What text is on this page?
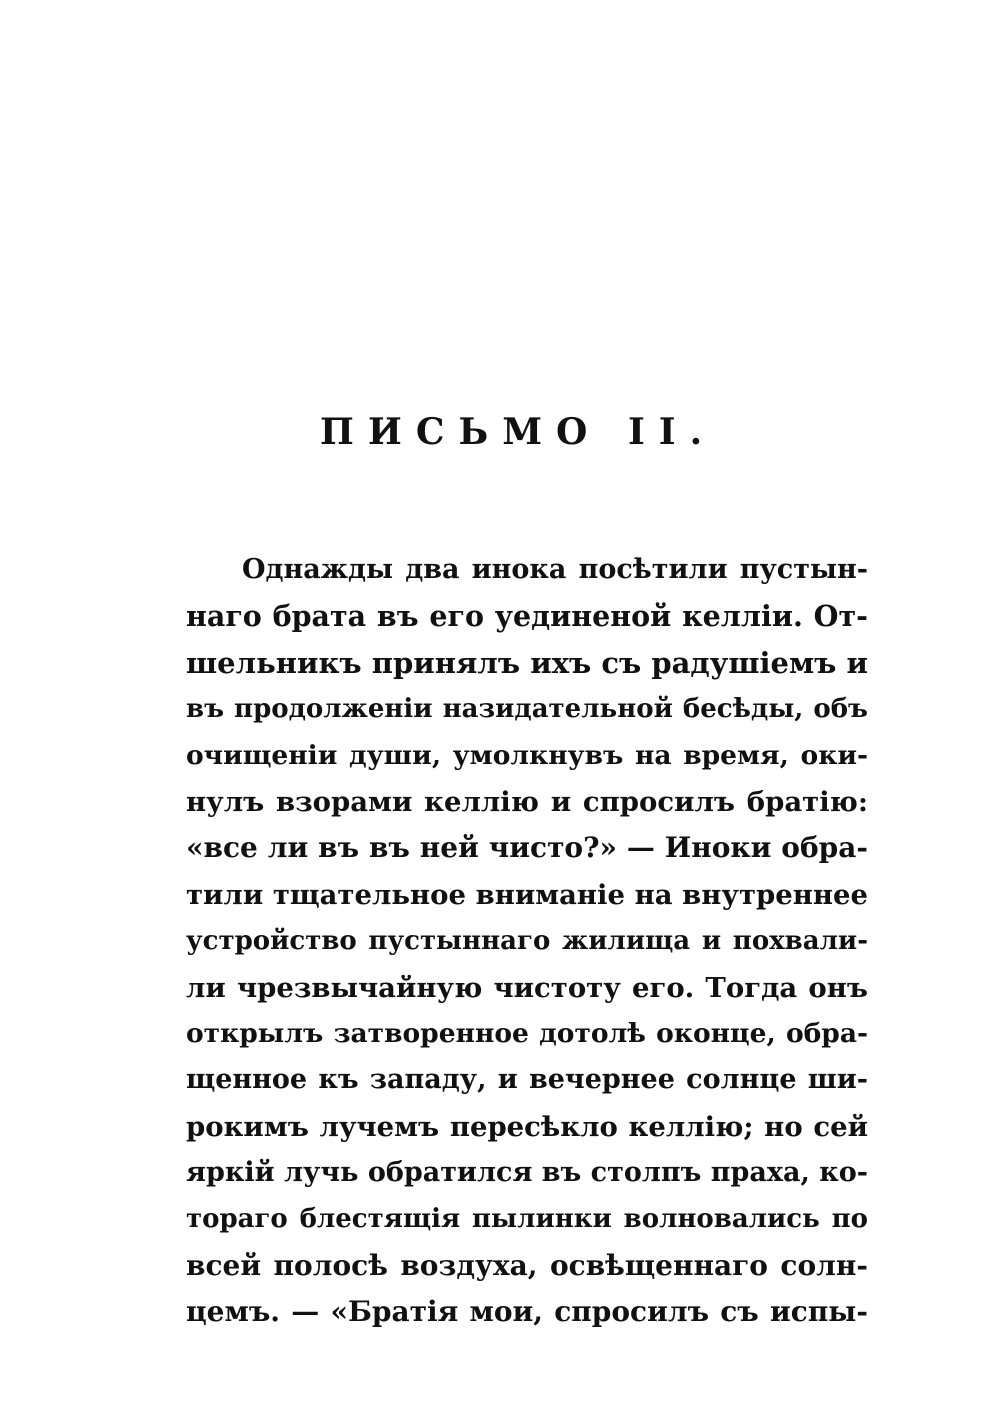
ПИСЬМО II.
Однажды два инока посѣтили пустын-
наго брата въ его уединеной келліи. От-
шельникъ принялъ ихъ съ радушіемъ и
въ продолженіи назидательной бесѣды, объ
очищеніи души, умолкнувъ на время, оки-
нулъ взорами келлію и спросилъ братію:
«все ли въ въ ней чисто?» — Иноки обра-
тили тщательное вниманіе на внутреннее
устройство пустыннаго жилища и похвали-
ли чрезвычайную чистоту его. Тогда онъ
открылъ затворенное дотолѣ оконце, обра-
щенное къ западу, и вечернее солнце ши-
рокимъ лучемъ пересѣкло келлію; но сей
яркій лучь обратился въ столпъ праха, ко-
тораго блестящія пылинки волновались по
всей полосѣ воздуха, освѣщеннаго солн-
цемъ. — «Братія мои, спросилъ съ испы-
